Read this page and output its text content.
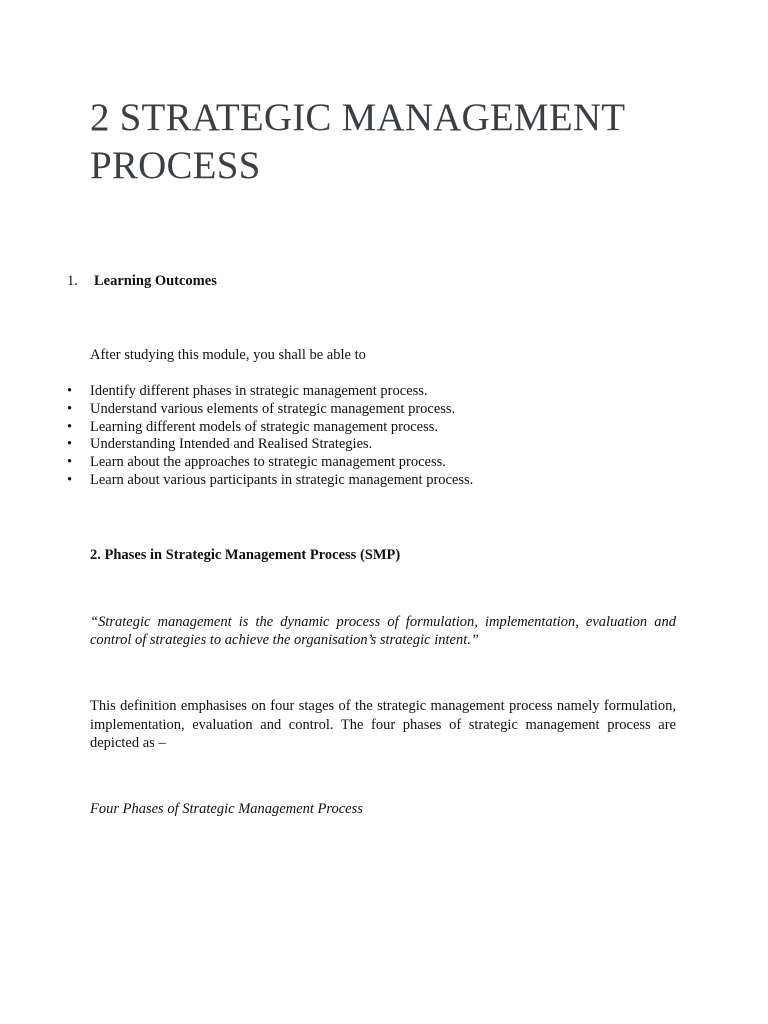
2 STRATEGIC MANAGEMENT PROCESS
1. Learning Outcomes

After studying this module, you shall be able to

• Identify different phases in strategic management process.
• Understand various elements of strategic management process.
• Learning different models of strategic management process.
• Understanding Intended and Realised Strategies.
• Learn about the approaches to strategic management process.
• Learn about various participants in strategic management process.
2. Phases in Strategic Management Process (SMP)

“Strategic management is the dynamic process of formulation, implementation, evaluation and control of strategies to achieve the organisation’s strategic intent.”

This definition emphasises on four stages of the strategic management process namely formulation, implementation, evaluation and control. The four phases of strategic management process are depicted as –

Four Phases of Strategic Management Process
